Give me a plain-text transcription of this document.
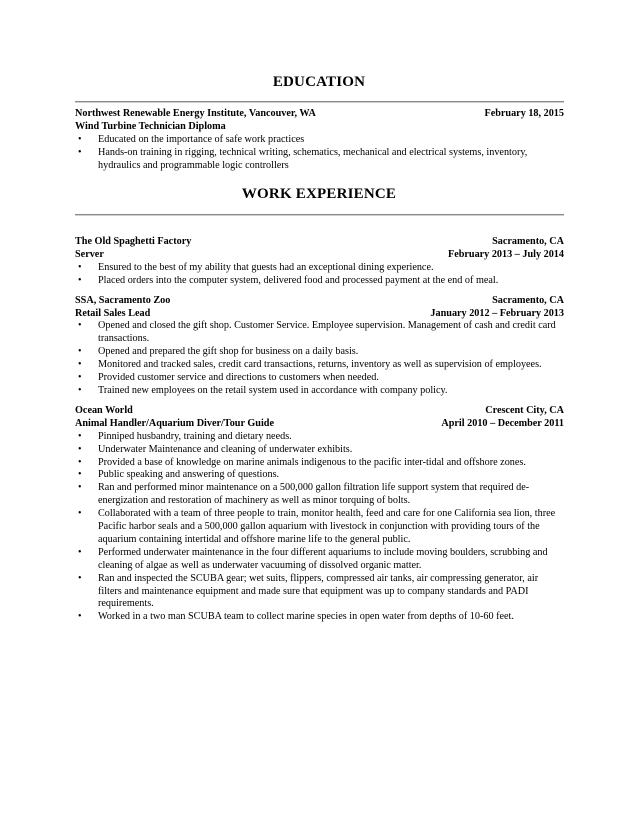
EDUCATION
Northwest Renewable Energy Institute, Vancouver, WA	February 18, 2015
Wind Turbine Technician Diploma
• Educated on the importance of safe work practices
• Hands-on training in rigging, technical writing, schematics, mechanical and electrical systems, inventory, hydraulics and programmable logic controllers
WORK EXPERIENCE
The Old Spaghetti Factory	Sacramento, CA
Server	February 2013 – July 2014
• Ensured to the best of my ability that guests had an exceptional dining experience.
• Placed orders into the computer system, delivered food and processed payment at the end of meal.
SSA, Sacramento Zoo	Sacramento, CA
Retail Sales Lead	January 2012 – February 2013
• Opened and closed the gift shop. Customer Service. Employee supervision. Management of cash and credit card transactions.
• Opened and prepared the gift shop for business on a daily basis.
• Monitored and tracked sales, credit card transactions, returns, inventory as well as supervision of employees.
• Provided customer service and directions to customers when needed.
• Trained new employees on the retail system used in accordance with company policy.
Ocean World	Crescent City, CA
Animal Handler/Aquarium Diver/Tour Guide	April 2010 – December 2011
• Pinniped husbandry, training and dietary needs.
• Underwater Maintenance and cleaning of underwater exhibits.
• Provided a base of knowledge on marine animals indigenous to the pacific inter-tidal and offshore zones.
• Public speaking and answering of questions.
• Ran and performed minor maintenance on a 500,000 gallon filtration life support system that required de-energization and restoration of machinery as well as minor torquing of bolts.
• Collaborated with a team of three people to train, monitor health, feed and care for one California sea lion, three Pacific harbor seals and a 500,000 gallon aquarium with livestock in conjunction with providing tours of the aquarium containing intertidal and offshore marine life to the general public.
• Performed underwater maintenance in the four different aquariums to include moving boulders, scrubbing and cleaning of algae as well as underwater vacuuming of dissolved organic matter.
• Ran and inspected the SCUBA gear; wet suits, flippers, compressed air tanks, air compressing generator, air filters and maintenance equipment and made sure that equipment was up to company standards and PADI requirements.
• Worked in a two man SCUBA team to collect marine species in open water from depths of 10-60 feet.
